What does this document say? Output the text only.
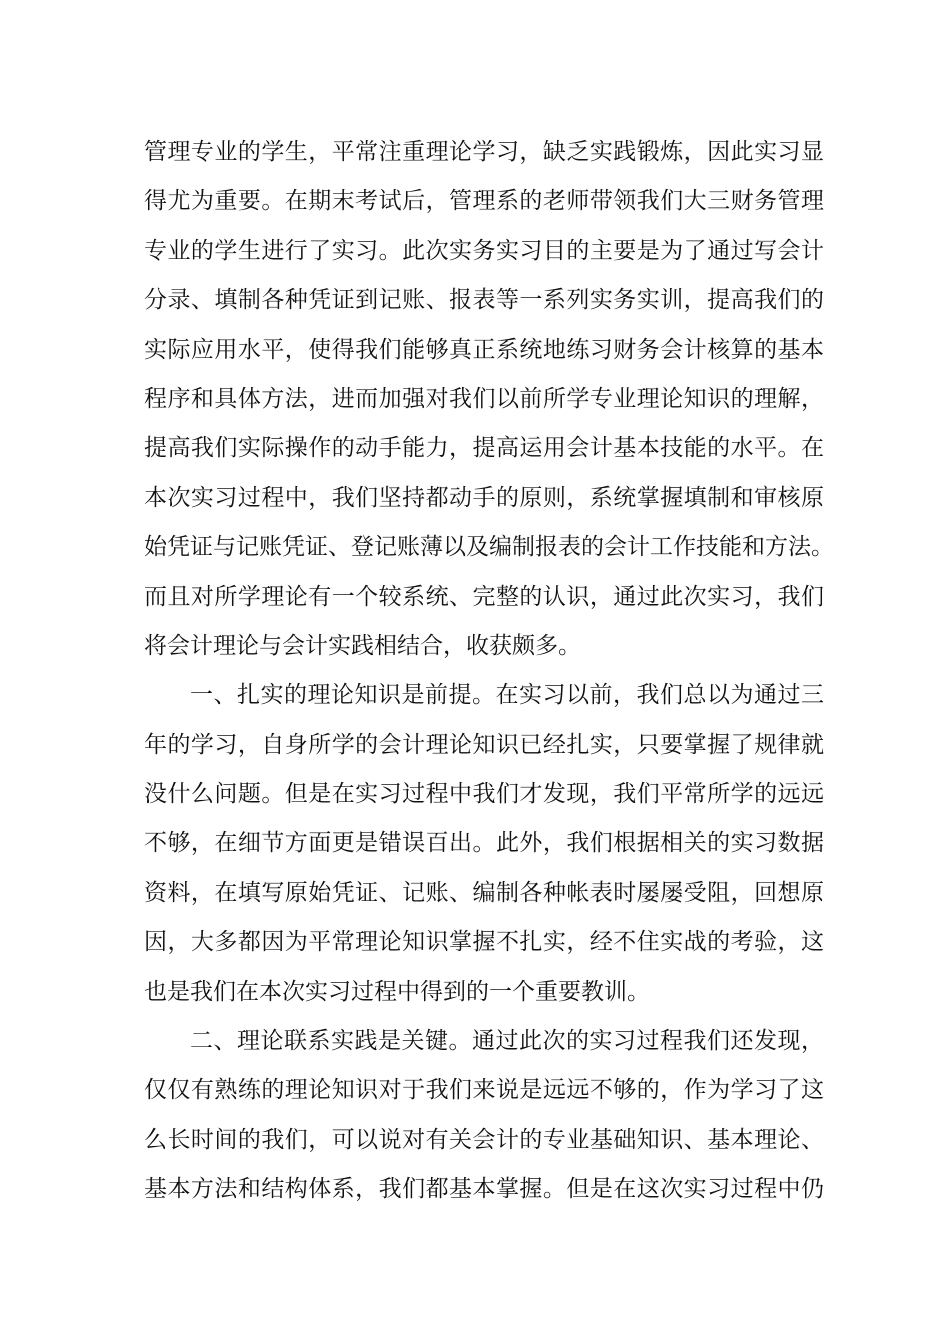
管理专业的学生，平常注重理论学习，缺乏实践锻炼，因此实习显
得尤为重要。在期末考试后，管理系的老师带领我们大三财务管理
专业的学生进行了实习。此次实务实习目的主要是为了通过写会计
分录、填制各种凭证到记账、报表等一系列实务实训，提高我们的
实际应用水平，使得我们能够真正系统地练习财务会计核算的基本
程序和具体方法，进而加强对我们以前所学专业理论知识的理解，
提高我们实际操作的动手能力，提高运用会计基本技能的水平。在
本次实习过程中，我们坚持都动手的原则，系统掌握填制和审核原
始凭证与记账凭证、登记账薄以及编制报表的会计工作技能和方法。
而且对所学理论有一个较系统、完整的认识，通过此次实习，我们
将会计理论与会计实践相结合，收获颇多。
一、扎实的理论知识是前提。在实习以前，我们总以为通过三
年的学习，自身所学的会计理论知识已经扎实，只要掌握了规律就
没什么问题。但是在实习过程中我们才发现，我们平常所学的远远
不够，在细节方面更是错误百出。此外，我们根据相关的实习数据
资料，在填写原始凭证、记账、编制各种帐表时屡屡受阻，回想原
因，大多都因为平常理论知识掌握不扎实，经不住实战的考验，这
也是我们在本次实习过程中得到的一个重要教训。
二、理论联系实践是关键。通过此次的实习过程我们还发现，
仅仅有熟练的理论知识对于我们来说是远远不够的，作为学习了这
么长时间的我们，可以说对有关会计的专业基础知识、基本理论、
基本方法和结构体系，我们都基本掌握。但是在这次实习过程中仍
